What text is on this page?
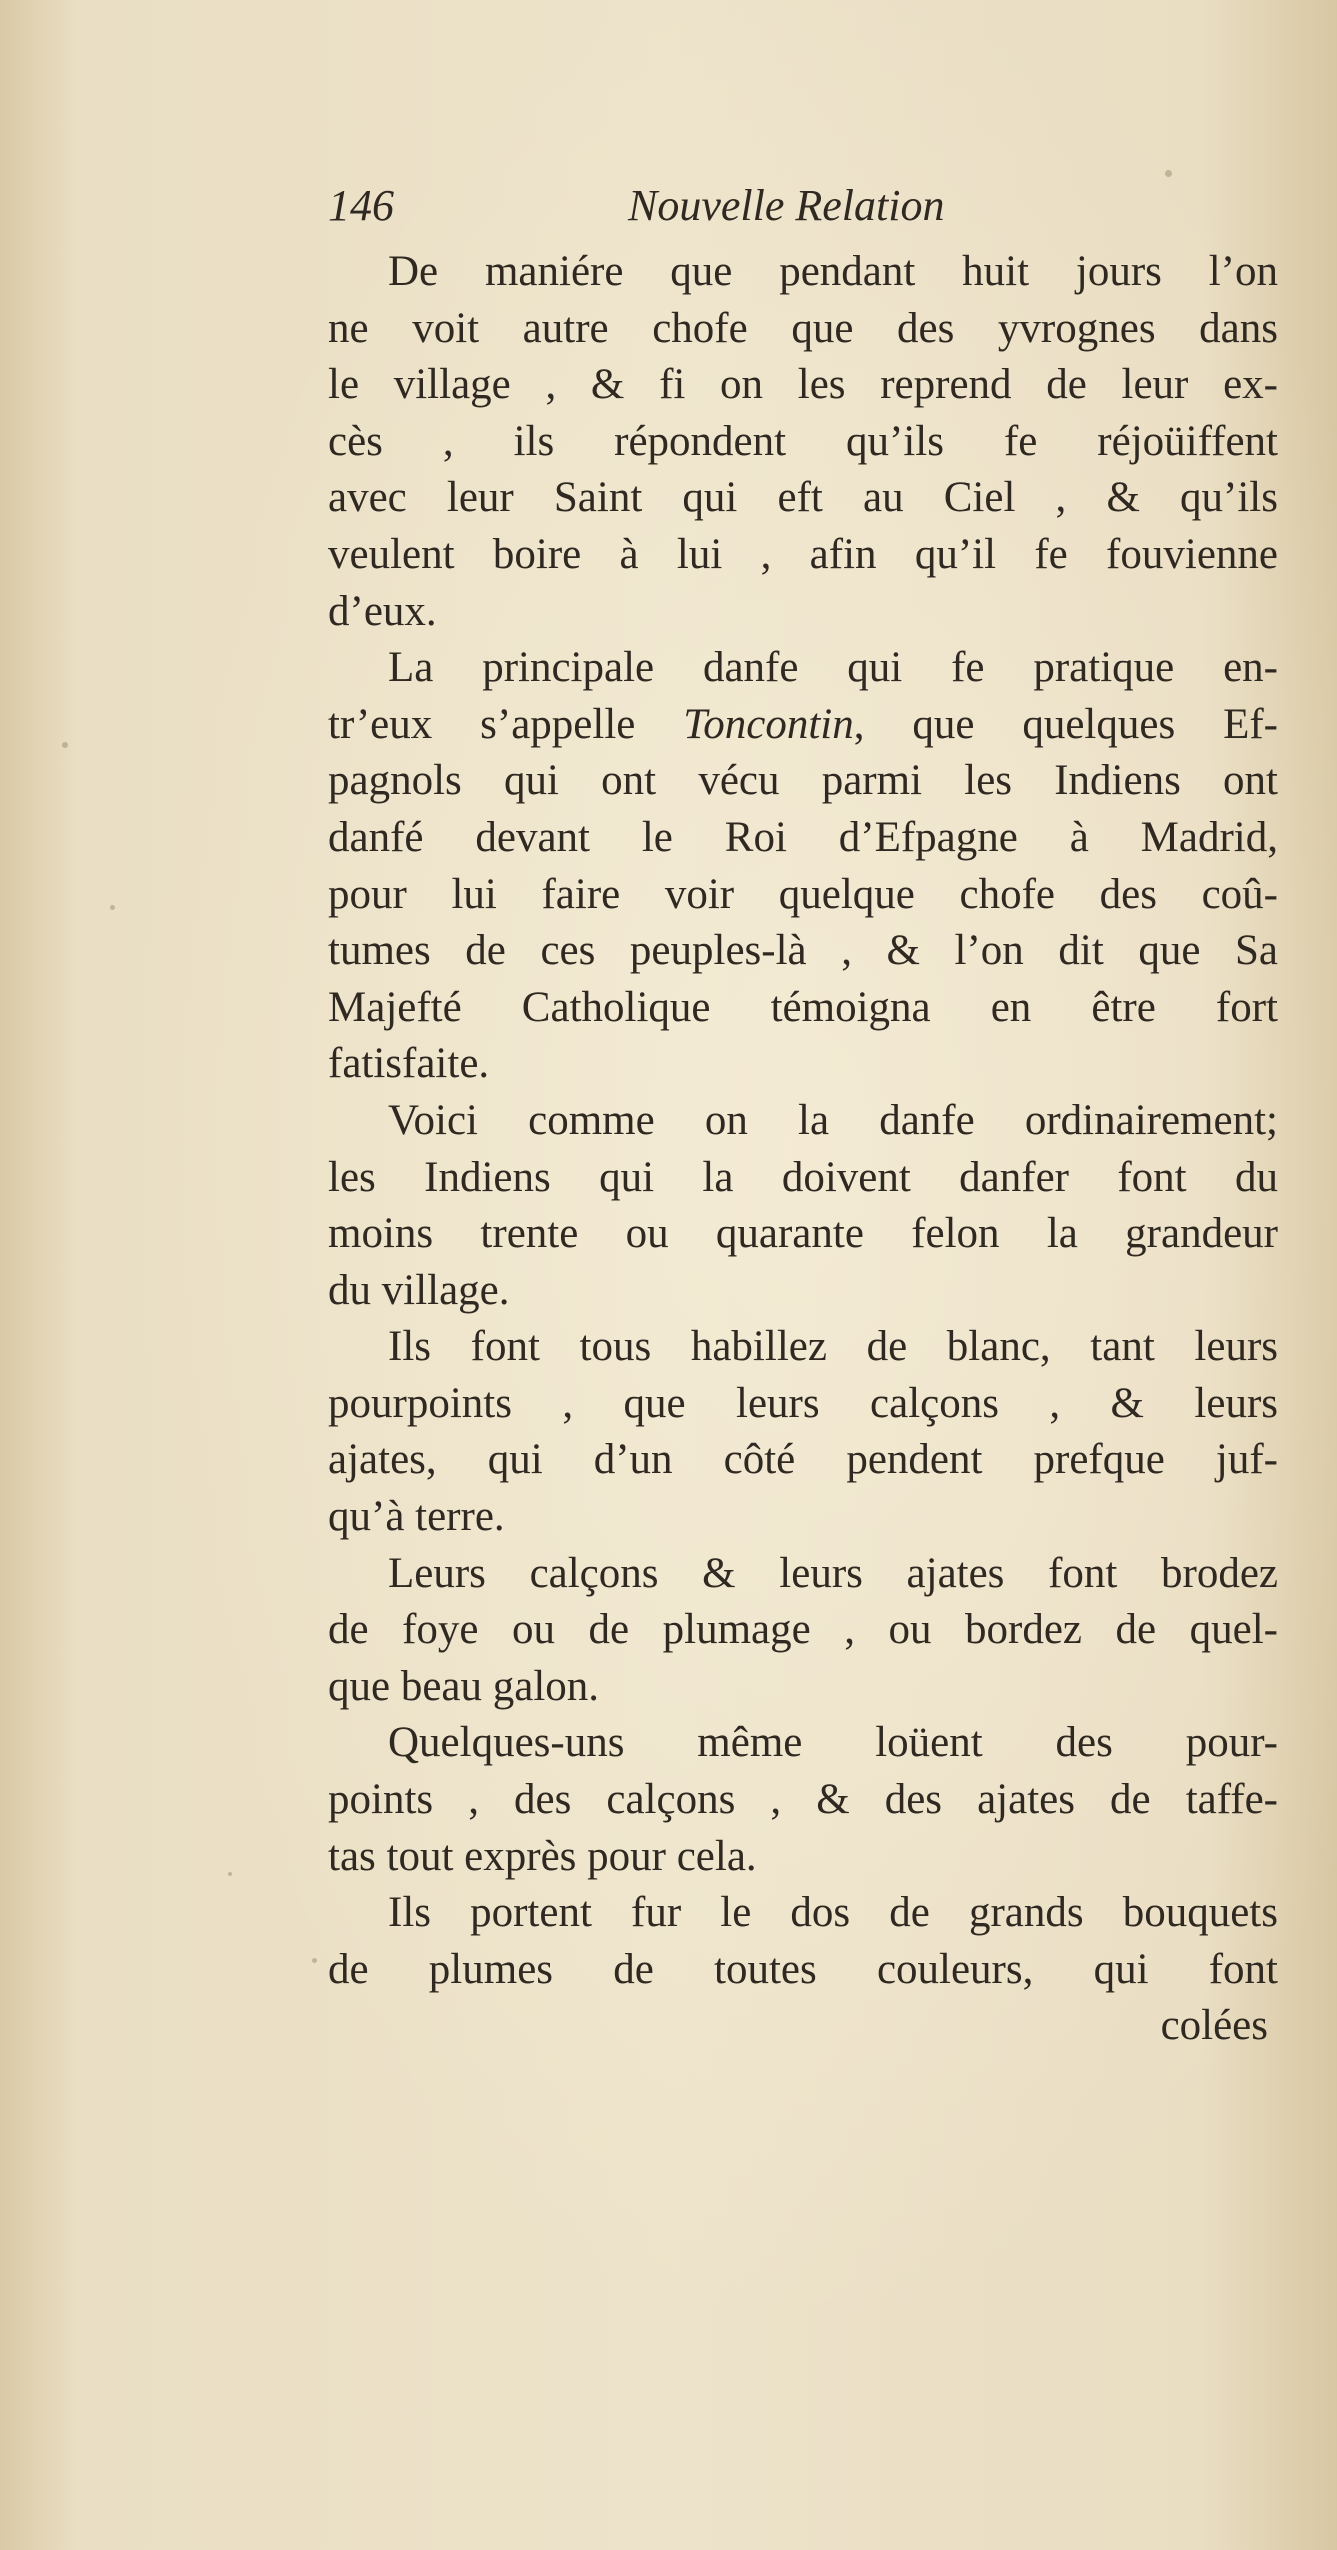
146	Nouvelle Relation
De maniére que pendant huit jours l’on
ne voit autre chofe que des yvrognes dans
le village , & fi on les reprend de leur ex-
cès , ils répondent qu’ils fe réjoüiffent
avec leur Saint qui eft au Ciel , & qu’ils
veulent boire à lui , afin qu’il fe fouvienne
d’eux.
La principale danfe qui fe pratique en-
tr’eux s’appelle Toncontin, que quelques Ef-
pagnols qui ont vécu parmi les Indiens ont
danfé devant le Roi d’Efpagne à Madrid,
pour lui faire voir quelque chofe des coû-
tumes de ces peuples-là , & l’on dit que Sa
Majefté Catholique témoigna en être fort
fatisfaite.
Voici comme on la danfe ordinairement;
les Indiens qui la doivent danfer font du
moins trente ou quarante felon la grandeur
du village.
Ils font tous habillez de blanc, tant leurs
pourpoints , que leurs calçons , & leurs
ajates, qui d’un côté pendent prefque juf-
qu’à terre.
Leurs calçons & leurs ajates font brodez
de foye ou de plumage , ou bordez de quel-
que beau galon.
Quelques-uns même loüent des pour-
points , des calçons , & des ajates de taffe-
tas tout exprès pour cela.
Ils portent fur le dos de grands bouquets
de plumes de toutes couleurs, qui font
colées
